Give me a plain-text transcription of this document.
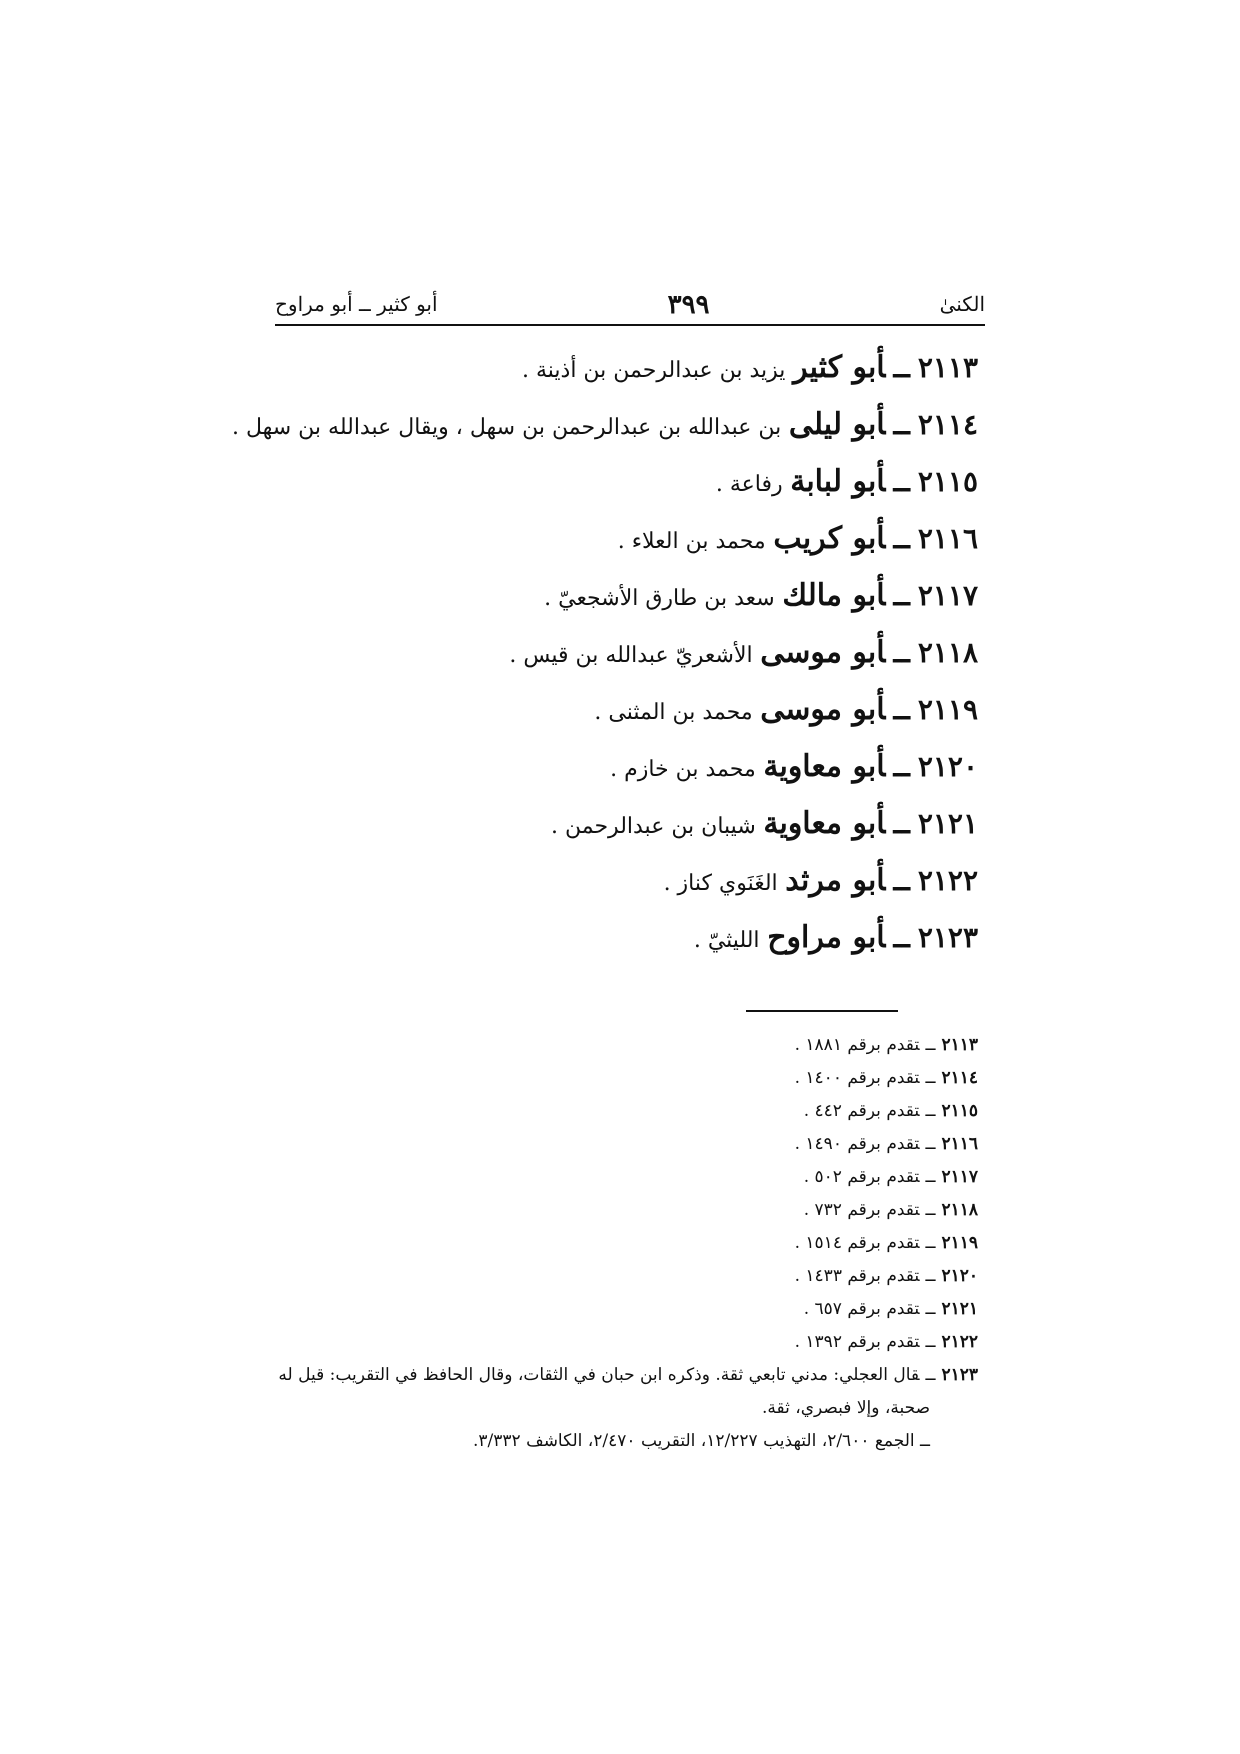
الكنىٰ
٣٩٩
أبو كثير ــ أبو مراوح
٢١١٣ــأبو كثير يزيد بن عبدالرحمن بن أذينة .
٢١١٤ــأبو ليلى بن عبدالله بن عبدالرحمن بن سهل ، ويقال عبدالله بن سهل .
٢١١٥ــأبو لبابة رفاعة .
٢١١٦ــأبو كريب محمد بن العلاء .
٢١١٧ــأبو مالك سعد بن طارق الأشجعيّ .
٢١١٨ــأبو موسى الأشعريّ عبدالله بن قيس .
٢١١٩ــأبو موسى محمد بن المثنى .
٢١٢٠ــأبو معاوية محمد بن خازم .
٢١٢١ــأبو معاوية شيبان بن عبدالرحمن .
٢١٢٢ــأبو مرثد الغَنَوي كناز .
٢١٢٣ــأبو مراوح الليثيّ .
٢١١٣ــتقدم برقم ١٨٨١ .
٢١١٤ــتقدم برقم ١٤٠٠ .
٢١١٥ــتقدم برقم ٤٤٢ .
٢١١٦ــتقدم برقم ١٤٩٠ .
٢١١٧ــتقدم برقم ٥٠٢ .
٢١١٨ــتقدم برقم ٧٣٢ .
٢١١٩ــتقدم برقم ١٥١٤ .
٢١٢٠ــتقدم برقم ١٤٣٣ .
٢١٢١ــتقدم برقم ٦٥٧ .
٢١٢٢ــتقدم برقم ١٣٩٢ .
٢١٢٣ــقال العجلي: مدني تابعي ثقة. وذكره ابن حبان في الثقات، وقال الحافظ في التقريب: قيل له
صحبة، وإلا فبصري، ثقة.
ــ الجمع ٢/٦٠٠، التهذيب ١٢/٢٢٧، التقريب ٢/٤٧٠، الكاشف ٣/٣٣٢.
